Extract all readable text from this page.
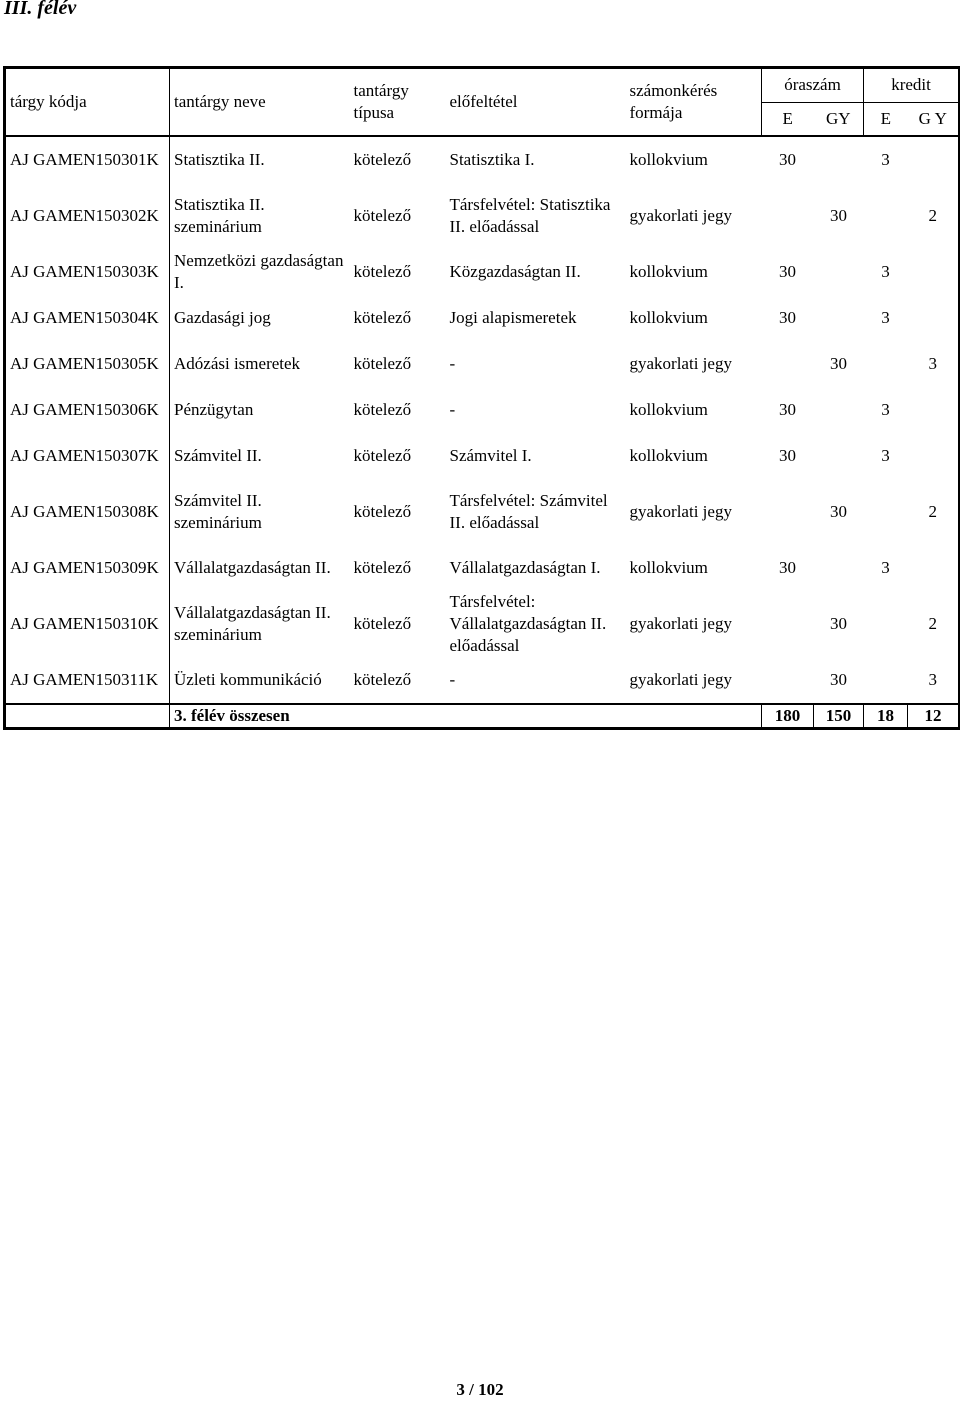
III. félév
tárgy kódja	tantárgy neve	tantárgy típusa	előfeltétel	számonkérés formája	óraszám		kredit	
					E	GY	E	G Y
AJ GAMEN150301K	Statisztika II.	kötelező	Statisztika I.	kollokvium	30		3	
AJ GAMEN150302K	Statisztika II. szeminárium	kötelező	Társfelvétel: Statisztika II. előadással	gyakorlati jegy		30		2
AJ GAMEN150303K	Nemzetközi gazdaságtan I.	kötelező	Közgazdaságtan II.	kollokvium	30		3	
AJ GAMEN150304K	Gazdasági jog	kötelező	Jogi alapismeretek	kollokvium	30		3	
AJ GAMEN150305K	Adózási ismeretek	kötelező	-	gyakorlati jegy		30		3
AJ GAMEN150306K	Pénzügytan	kötelező	-	kollokvium	30		3	
AJ GAMEN150307K	Számvitel II.	kötelező	Számvitel I.	kollokvium	30		3	
AJ GAMEN150308K	Számvitel II. szeminárium	kötelező	Társfelvétel: Számvitel II. előadással	gyakorlati jegy		30		2
AJ GAMEN150309K	Vállalatgazdaságtan II.	kötelező	Vállalatgazdaságtan I.	kollokvium	30		3	
AJ GAMEN150310K	Vállalatgazdaságtan II. szeminárium	kötelező	Társfelvétel: Vállalatgazdaságtan II. előadással	gyakorlati jegy		30		2
AJ GAMEN150311K	Üzleti kommunikáció	kötelező	-	gyakorlati jegy		30		3
	3. félév összesen				180	150	18	12
3 / 102
